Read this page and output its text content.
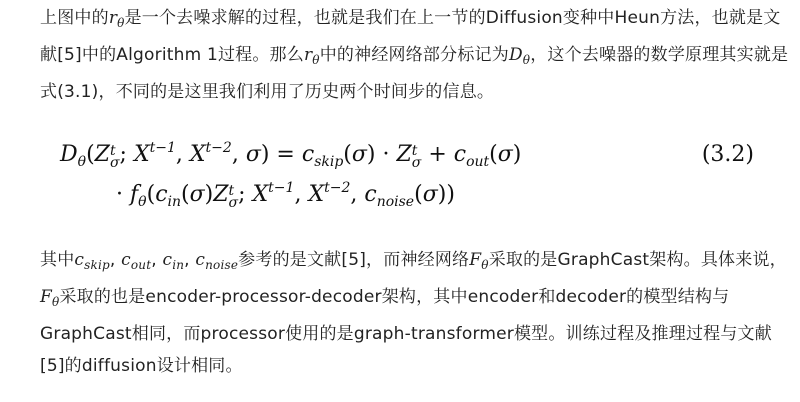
上图中的$r_\theta$是一个去噪求解的过程，也就是我们在上一节的Diffusion变种中Heun方法，也就是文献[5]中的Algorithm 1过程。那么$r_\theta$中的神经网络部分标记为$D_\theta$，这个去噪器的数学原理其实就是式(3.1)，不同的是这里我们利用了历史两个时间步的信息。
$D_\theta(Z$ t
σ ; $X^{t-1}$, $X^{t-2}$, $\sigma) = c_{skip}(\sigma) \cdot Z$ t
$\sigma + c_{out}(\sigma)$
· $f_\theta(c_{in}(\sigma)Z$ t
σ ; $X^{t-1}$, $X^{t-2}$, $c_{noise}(\sigma)$)
(3.2)
其中$c_{skip}$, $c_{out}$, $c_{in}$, $c_{noise}$参考的是文献[5]，而神经网络$F_\theta$采取的是GraphCast架构。具体来说，$F_\theta$采取的也是encoder-processor-decoder架构，其中encoder和decoder的模型结构与GraphCast相同，而processor使用的是graph-transformer模型。训练过程及推理过程与文献[5]的diffusion设计相同。
